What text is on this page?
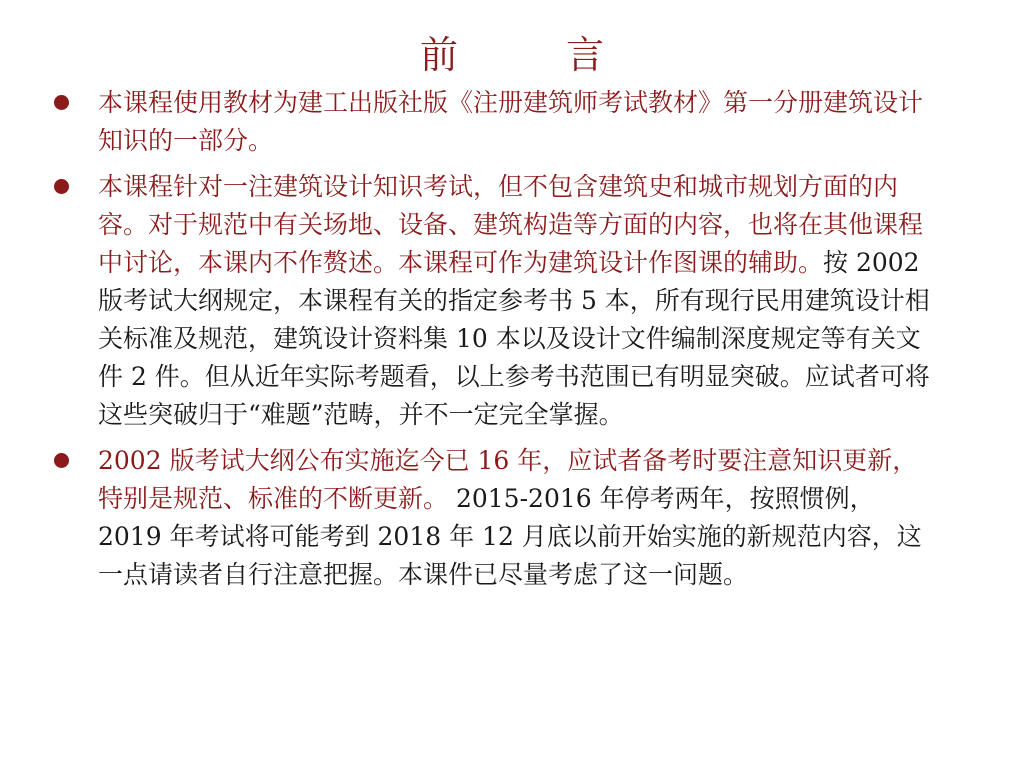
前 言
本课程使用教材为建工出版社版《注册建筑师考试教材》第一分册建筑设计知识的一部分。
本课程针对一注建筑设计知识考试，但不包含建筑史和城市规划方面的内容。对于规范中有关场地、设备、建筑构造等方面的内容，也将在其他课程中讨论，本课内不作赘述。本课程可作为建筑设计作图课的辅助。按 2002 版考试大纲规定，本课程有关的指定参考书 5 本，所有现行民用建筑设计相关标准及规范，建筑设计资料集 10 本以及设计文件编制深度规定等有关文件 2 件。但从近年实际考题看，以上参考书范围已有明显突破。应试者可将这些突破归于“难题”范畴，并不一定完全掌握。
2002 版考试大纲公布实施迄今已 16 年，应试者备考时要注意知识更新，特别是规范、标准的不断更新。 2015-2016 年停考两年，按照惯例， 2019 年考试将可能考到 2018 年 12 月底以前开始实施的新规范内容，这一点请读者自行注意把握。本课件已尽量考虑了这一问题。
